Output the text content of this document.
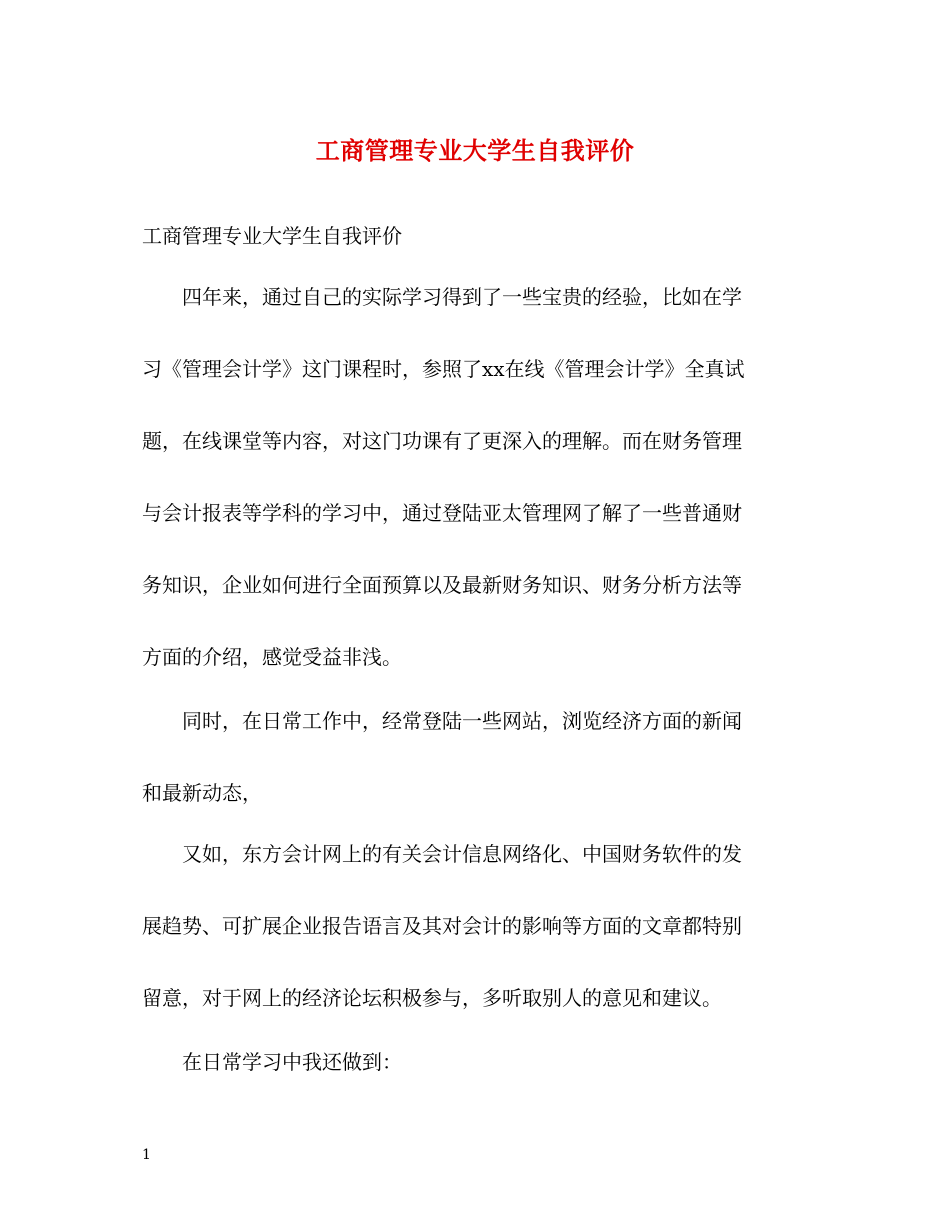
工商管理专业大学生自我评价

工商管理专业大学生自我评价

　　四年来，通过自己的实际学习得到了一些宝贵的经验，比如在学

习《管理会计学》这门课程时，参照了xx在线《管理会计学》全真试

题，在线课堂等内容，对这门功课有了更深入的理解。而在财务管理

与会计报表等学科的学习中，通过登陆亚太管理网了解了一些普通财

务知识，企业如何进行全面预算以及最新财务知识、财务分析方法等

方面的介绍，感觉受益非浅。

　　同时，在日常工作中，经常登陆一些网站，浏览经济方面的新闻

和最新动态，

　　又如，东方会计网上的有关会计信息网络化、中国财务软件的发

展趋势、可扩展企业报告语言及其对会计的影响等方面的文章都特别

留意，对于网上的经济论坛积极参与，多听取别人的意见和建议。

　　在日常学习中我还做到：

1
